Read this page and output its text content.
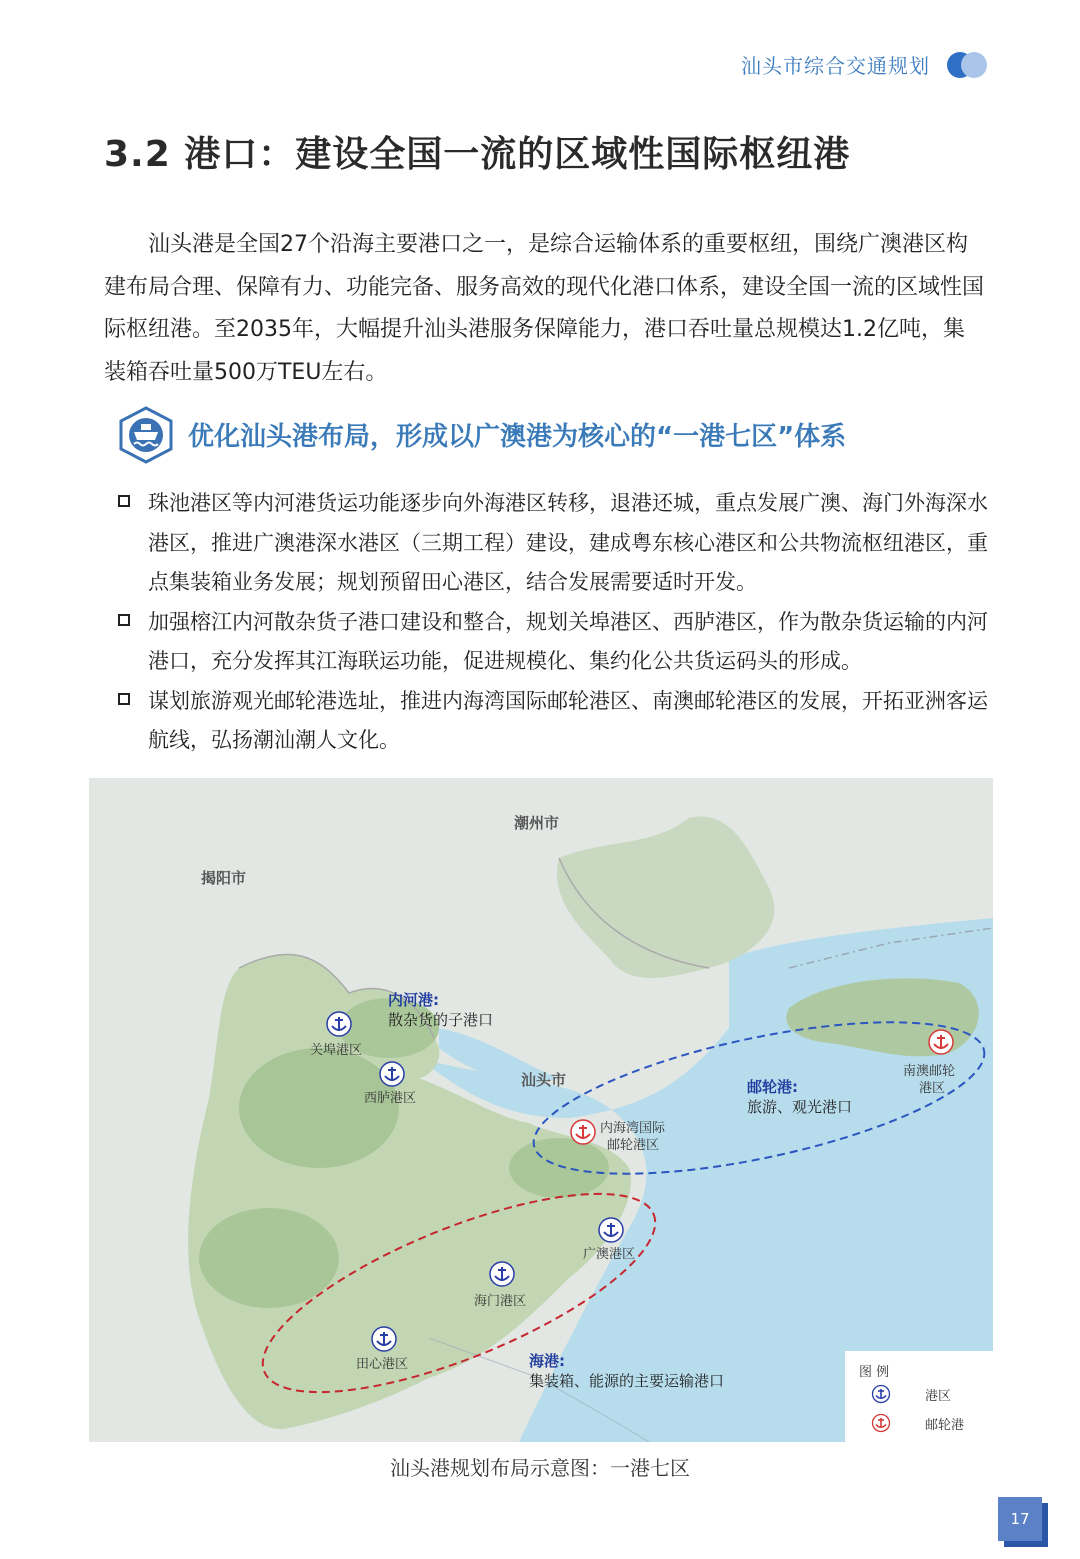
汕头市综合交通规划
3.2 港口：建设全国一流的区域性国际枢纽港

汕头港是全国27个沿海主要港口之一，是综合运输体系的重要枢纽，围绕广澳港区构建布局合理、保障有力、功能完备、服务高效的现代化港口体系，建设全国一流的区域性国际枢纽港。至2035年，大幅提升汕头港服务保障能力，港口吞吐量总规模达1.2亿吨，集装箱吞吐量500万TEU左右。

优化汕头港布局，形成以广澳港为核心的“一港七区”体系
珠池港区等内河港货运功能逐步向外海港区转移，退港还城，重点发展广澳、海门外海深水港区，推进广澳港深水港区（三期工程）建设，建成粤东核心港区和公共物流枢纽港区，重点集装箱业务发展；规划预留田心港区，结合发展需要适时开发。
加强榕江内河散杂货子港口建设和整合，规划关埠港区、西胪港区，作为散杂货运输的内河港口，充分发挥其江海联运功能，促进规模化、集约化公共货运码头的形成。
谋划旅游观光邮轮港选址，推进内海湾国际邮轮港区、南澳邮轮港区的发展，开拓亚洲客运航线，弘扬潮汕潮人文化。
潮州市
揭阳市
汕头市
内河港:
散杂货的子港口
邮轮港:
旅游、观光港口
海港:
集装箱、能源的主要运输港口
关埠港区
西胪港区
广澳港区
海门港区
田心港区
内海湾国际
邮轮港区
南澳邮轮
港区
图 例
港区
邮轮港
汕头港规划布局示意图：一港七区
17
